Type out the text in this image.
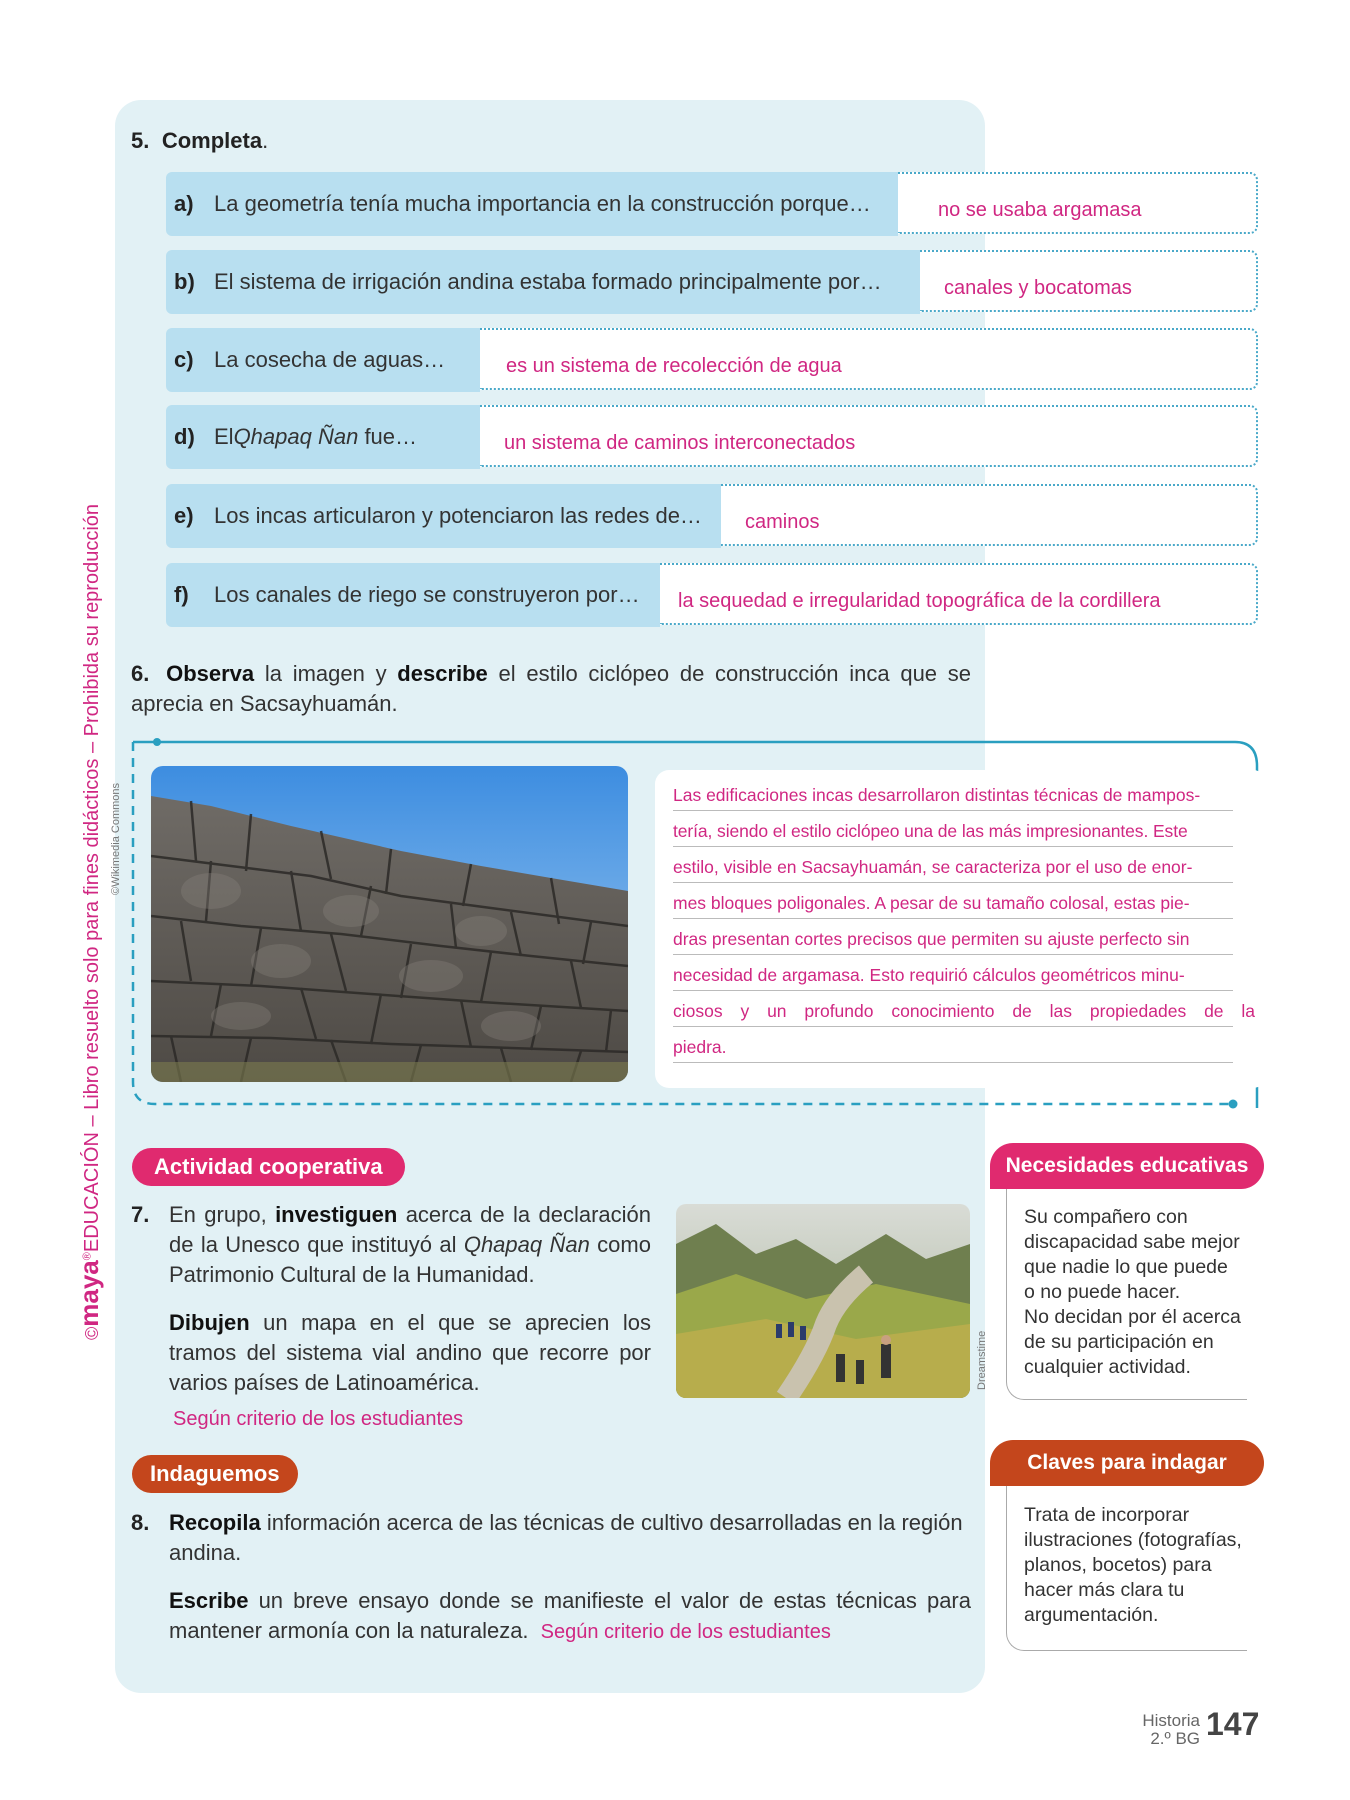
©maya®EDUCACIÓN – Libro resuelto solo para fines didácticos – Prohibida su reproducción
5. Completa.
a) La geometría tenía mucha importancia en la construcción porque…	no se usaba argamasa
b) El sistema de irrigación andina estaba formado principalmente por…	canales y bocatomas
c) La cosecha de aguas…	es un sistema de recolección de agua
d) El Qhapaq Ñan fue…	un sistema de caminos interconectados
e) Los incas articularon y potenciaron las redes de… caminos
f)	Los canales de riego se construyeron por… la sequedad e irregularidad topográfica de la cordillera
6. Observa la imagen y describe el estilo ciclópeo de construcción inca que se aprecia en Sacsayhuamán.
©Wikimedia Commons	Las edificaciones incas desarrollaron distintas técnicas de mampos-
tería, siendo el estilo ciclópeo una de las más impresionantes. Este
estilo, visible en Sacsayhuamán, se caracteriza por el uso de enor-
mes bloques poligonales. A pesar de su tamaño colosal, estas pie-
dras presentan cortes precisos que permiten su ajuste perfecto sin
necesidad de argamasa. Esto requirió cálculos geométricos minu-
ciosos y un profundo conocimiento de las propiedades de la
piedra.
Actividad cooperativa
7. En grupo, investiguen acerca de la declaración de la Unesco que instituyó al Qhapaq Ñan como Patrimonio Cultural de la Humanidad.
Dibujen un mapa en el que se aprecien los tramos del sistema vial andino que recorre por varios países de Latinoamérica.
Según criterio de los estudiantes
Dreamstime
Indaguemos
8. Recopila información acerca de las técnicas de cultivo desarrolladas en la región andina.
Escribe un breve ensayo donde se manifieste el valor de estas técnicas para mantener armonía con la naturaleza. Según criterio de los estudiantes
Necesidades educativas
Su compañero con
discapacidad sabe mejor
que nadie lo que puede
o no puede hacer.
No decidan por él acerca
de su participación en
cualquier actividad.
Claves para indagar
Trata de incorporar
ilustraciones (fotografías,
planos, bocetos) para
hacer más clara tu
argumentación.
Historia
2.º BG 147
